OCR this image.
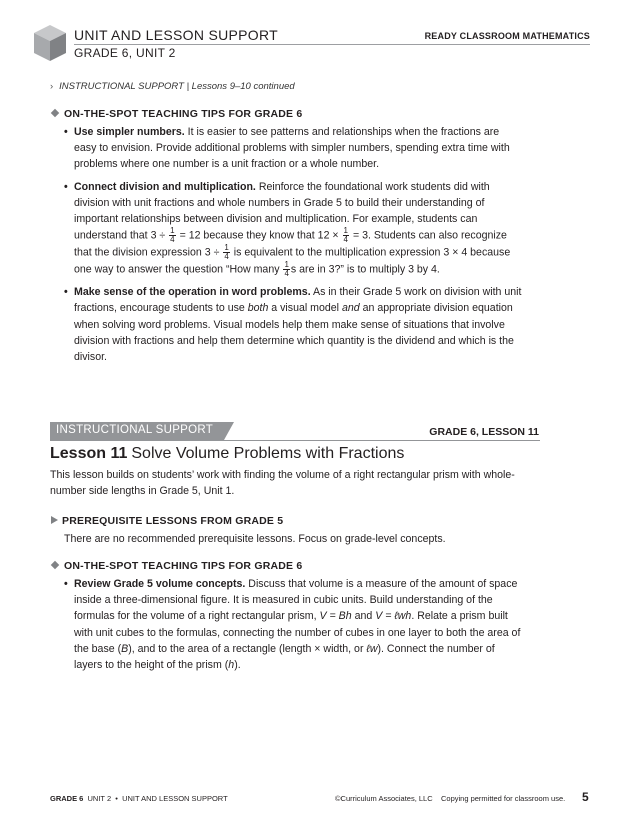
UNIT AND LESSON SUPPORT
GRADE 6, UNIT 2
READY CLASSROOM MATHEMATICS
› INSTRUCTIONAL SUPPORT | Lessons 9–10 continued
ON-THE-SPOT TEACHING TIPS FOR GRADE 6
• Use simpler numbers. It is easier to see patterns and relationships when the fractions are easy to envision. Provide additional problems with simpler numbers, spending extra time with problems where one number is a unit fraction or a whole number.
• Connect division and multiplication. Reinforce the foundational work students did with division with unit fractions and whole numbers in Grade 5 to build their understanding of important relationships between division and multiplication. For example, students can understand that $3 \div \frac{1}{4} = 12$ because they know that $12 \times \frac{1}{4} = 3$. Students can also recognize that the division expression $3 \div \frac{1}{4}$ is equivalent to the multiplication expression 3 × 4 because one way to answer the question “How many $\frac{1}{4}$ s are in 3?” is to multiply 3 by 4.
• Make sense of the operation in word problems. As in their Grade 5 work on division with unit fractions, encourage students to use both a visual model and an appropriate division equation when solving word problems. Visual models help them make sense of situations that involve division with fractions and help them determine which quantity is the dividend and which is the divisor.
INSTRUCTIONAL SUPPORT	GRADE 6, LESSON 11
Lesson 11 Solve Volume Problems with Fractions
This lesson builds on students’ work with finding the volume of a right rectangular prism with whole-number side lengths in Grade 5, Unit 1.
PREREQUISITE LESSONS FROM GRADE 5
There are no recommended prerequisite lessons. Focus on grade-level concepts.
ON-THE-SPOT TEACHING TIPS FOR GRADE 6
• Review Grade 5 volume concepts. Discuss that volume is a measure of the amount of space inside a three-dimensional figure. It is measured in cubic units. Build understanding of the formulas for the volume of a right rectangular prism, V = Bh and V = ℓwh. Relate a prism built with unit cubes to the formulas, connecting the number of cubes in one layer to both the area of the base (B), and to the area of a rectangle (length × width, or ℓw). Connect the number of layers to the height of the prism (h).
GRADE 6  UNIT 2  •  UNIT AND LESSON SUPPORT	©Curriculum Associates, LLC    Copying permitted for classroom use. 5
